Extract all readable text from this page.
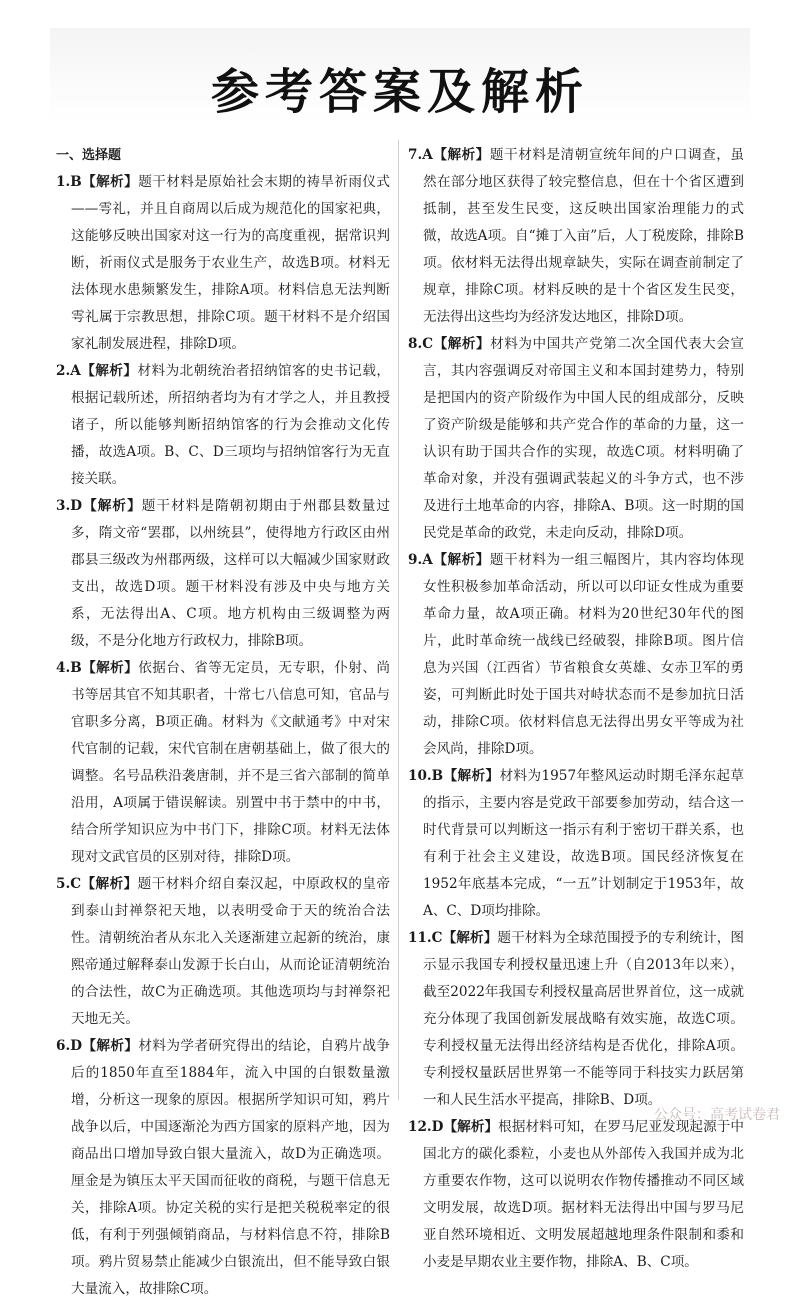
参考答案及解析
一、选择题

1.B【解析】题干材料是原始社会末期的祷旱祈雨仪式——雩礼，并且自商周以后成为规范化的国家祀典，这能够反映出国家对这一行为的高度重视，据常识判断，祈雨仪式是服务于农业生产，故选B项。材料无法体现水患频繁发生，排除A项。材料信息无法判断雩礼属于宗教思想，排除C项。题干材料不是介绍国家礼制发展进程，排除D项。

2.A【解析】材料为北朝统治者招纳馆客的史书记载，根据记载所述，所招纳者均为有才学之人，并且教授诸子，所以能够判断招纳馆客的行为会推动文化传播，故选A项。B、C、D三项均与招纳馆客行为无直接关联。

3.D【解析】题干材料是隋朝初期由于州郡县数量过多，隋文帝“罢郡，以州统县”，使得地方行政区由州郡县三级改为州郡两级，这样可以大幅减少国家财政支出，故选D项。题干材料没有涉及中央与地方关系，无法得出A、C项。地方机构由三级调整为两级，不是分化地方行政权力，排除B项。

4.B【解析】依据台、省等无定员，无专职，仆射、尚书等居其官不知其职者，十常七八信息可知，官品与官职多分离，B项正确。材料为《文献通考》中对宋代官制的记载，宋代官制在唐朝基础上，做了很大的调整。名号品秩沿袭唐制，并不是三省六部制的简单沿用，A项属于错误解读。别置中书于禁中的中书，结合所学知识应为中书门下，排除C项。材料无法体现对文武官员的区别对待，排除D项。

5.C【解析】题干材料介绍自秦汉起，中原政权的皇帝到泰山封禅祭祀天地，以表明受命于天的统治合法性。清朝统治者从东北入关逐渐建立起新的统治，康熙帝通过解释泰山发源于长白山，从而论证清朝统治的合法性，故C为正确选项。其他选项均与封禅祭祀天地无关。

6.D【解析】材料为学者研究得出的结论，自鸦片战争后的1850年直至1884年，流入中国的白银数量激增，分析这一现象的原因。根据所学知识可知，鸦片战争以后，中国逐渐沦为西方国家的原料产地，因为商品出口增加导致白银大量流入，故D为正确选项。厘金是为镇压太平天国而征收的商税，与题干信息无关，排除A项。协定关税的实行是把关税税率定的很低，有利于列强倾销商品，与材料信息不符，排除B项。鸦片贸易禁止能减少白银流出，但不能导致白银大量流入，故排除C项。

7.A【解析】题干材料是清朝宣统年间的户口调查，虽然在部分地区获得了较完整信息，但在十个省区遭到抵制，甚至发生民变，这反映出国家治理能力的式微，故选A项。自“摊丁入亩”后，人丁税废除，排除B项。依材料无法得出规章缺失，实际在调查前制定了规章，排除C项。材料反映的是十个省区发生民变，无法得出这些均为经济发达地区，排除D项。

8.C【解析】材料为中国共产党第二次全国代表大会宣言，其内容强调反对帝国主义和本国封建势力，特别是把国内的资产阶级作为中国人民的组成部分，反映了资产阶级是能够和共产党合作的革命的力量，这一认识有助于国共合作的实现，故选C项。材料明确了革命对象，并没有强调武装起义的斗争方式，也不涉及进行土地革命的内容，排除A、B项。这一时期的国民党是革命的政党，未走向反动，排除D项。

9.A【解析】题干材料为一组三幅图片，其内容均体现女性积极参加革命活动，所以可以印证女性成为重要革命力量，故A项正确。材料为20世纪30年代的图片，此时革命统一战线已经破裂，排除B项。图片信息为兴国（江西省）节省粮食女英雄、女赤卫军的勇姿，可判断此时处于国共对峙状态而不是参加抗日活动，排除C项。依材料信息无法得出男女平等成为社会风尚，排除D项。

10.B【解析】材料为1957年整风运动时期毛泽东起草的指示，主要内容是党政干部要参加劳动，结合这一时代背景可以判断这一指示有利于密切干群关系，也有利于社会主义建设，故选B项。国民经济恢复在1952年底基本完成，“一五”计划制定于1953年，故A、C、D项均排除。

11.C【解析】题干材料为全球范围授予的专利统计，图示显示我国专利授权量迅速上升（自2013年以来），截至2022年我国专利授权量高居世界首位，这一成就充分体现了我国创新发展战略有效实施，故选C项。专利授权量无法得出经济结构是否优化，排除A项。专利授权量跃居世界第一不能等同于科技实力跃居第一和人民生活水平提高，排除B、D项。

12.D【解析】根据材料可知，在罗马尼亚发现起源于中国北方的碳化黍粒，小麦也从外部传入我国并成为北方重要农作物，这可以说明农作物传播推动不同区域文明发展，故选D项。据材料无法得出中国与罗马尼亚自然环境相近、文明发展超越地理条件限制和黍和小麦是早期农业主要作物，排除A、B、C项。

公众号：高考试卷君
